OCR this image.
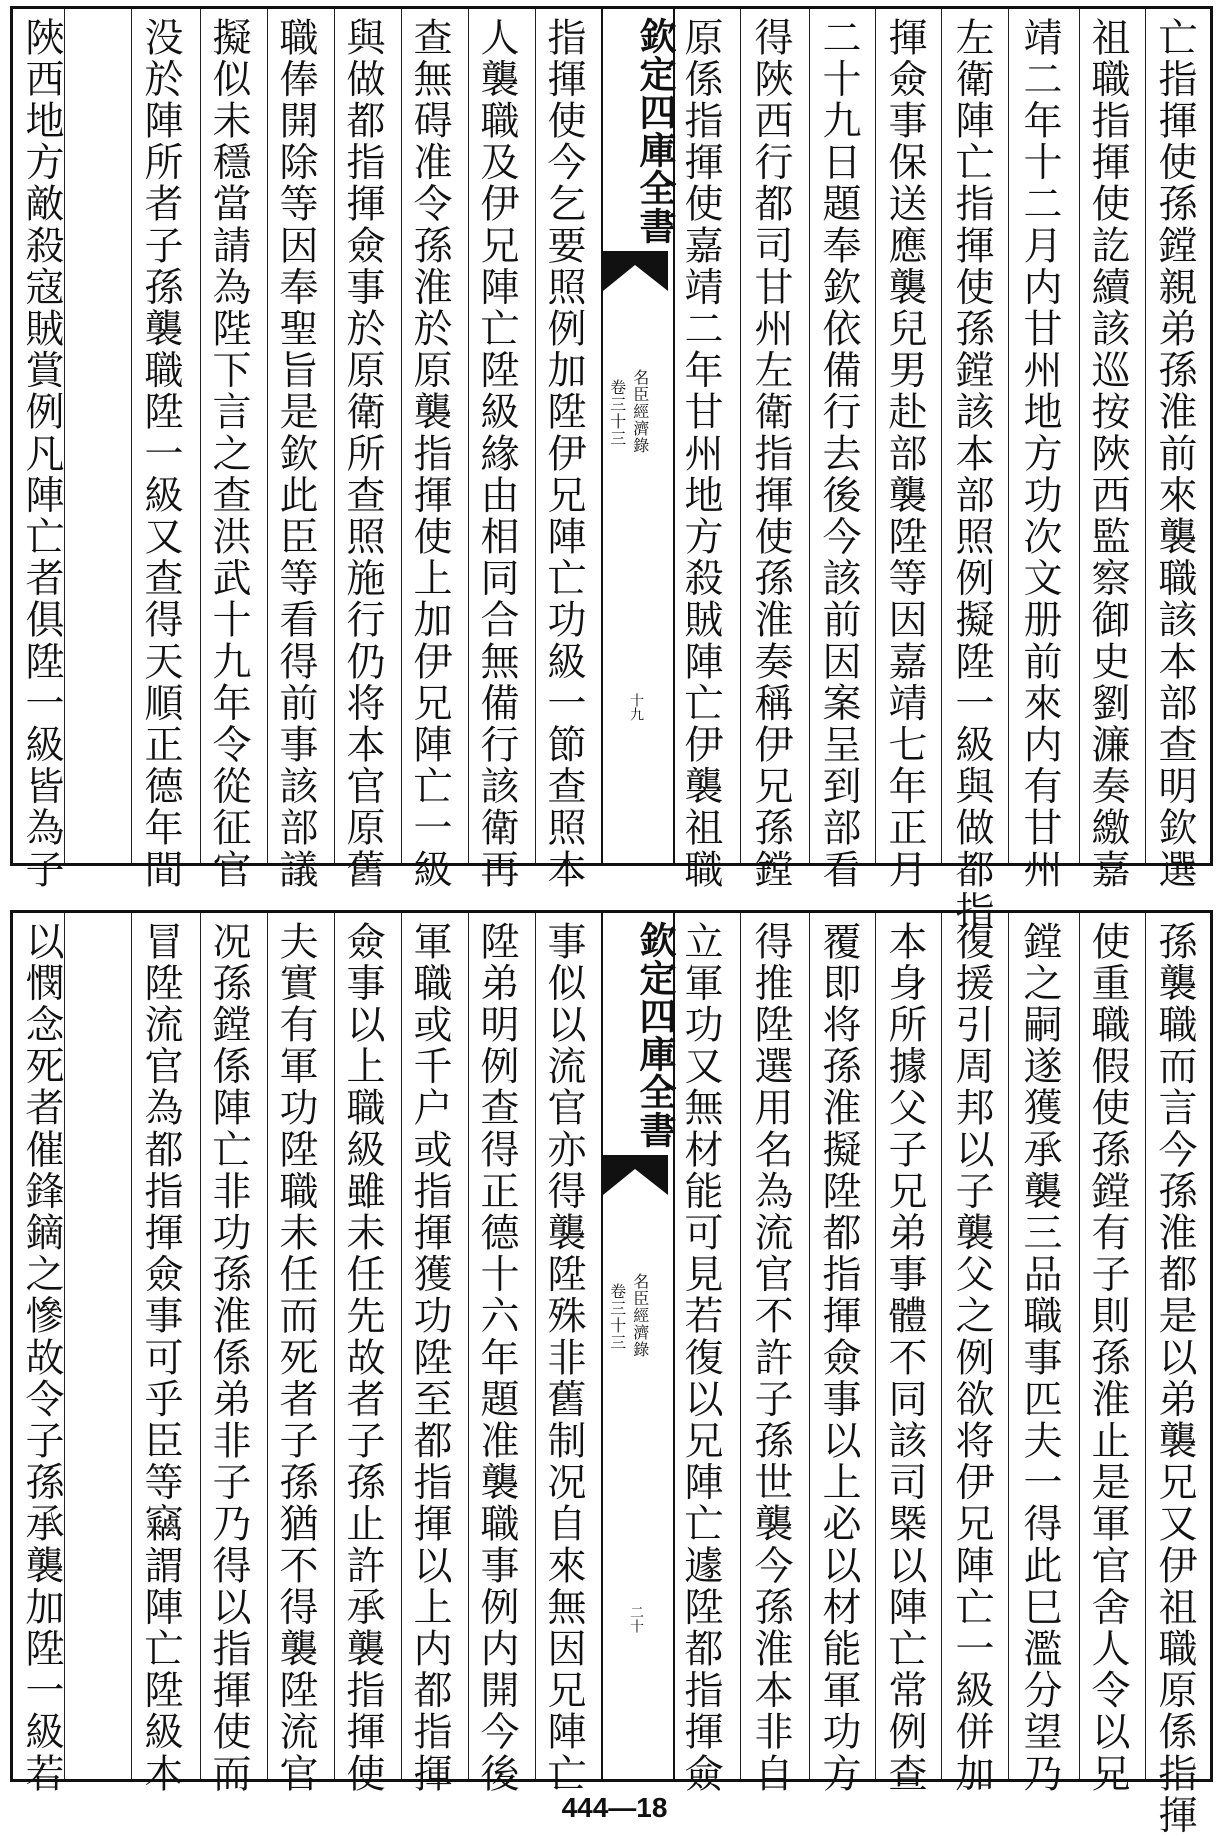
亡指揮使孫鏜親弟孫淮前來襲職該本部查明欽選
祖職指揮使訖續該巡按陜西監察御史劉濂奏繳嘉
靖二年十二月内甘州地方功次文册前來内有甘州
左衛陣亡指揮使孫鏜該本部照例擬陞一級與做都指
揮僉事保送應襲兒男赴部襲陞等因嘉靖七年正月
二十九日題奉欽依備行去後今該前因案呈到部看
得陜西行都司甘州左衛指揮使孫淮奏稱伊兄孫鏜
原係指揮使嘉靖二年甘州地方殺賊陣亡伊襲祖職
欽定四庫全書
名臣經濟錄
卷三十三
十九
指揮使今乞要照例加陞伊兄陣亡功級一節查照本
人襲職及伊兄陣亡陞級緣由相同合無備行該衛再
查無碍准令孫淮於原襲指揮使上加伊兄陣亡一級
與做都指揮僉事於原衛所查照施行仍将本官原舊
職俸開除等因奉聖旨是欽此臣等看得前事該部議
擬似未穩當請為陛下言之查洪武十九年令從征官
没於陣所者子孫襲職陞一級又查得天順正德年間
陜西地方敵殺寇賊賞例凡陣亡者俱陞一級皆為子
孫襲職而言今孫淮都是以弟襲兄又伊祖職原係指揮
使重職假使孫鏜有子則孫淮止是軍官舍人令以兄
鏜之嗣遂獲承襲三品職事匹夫一得此巳濫分望乃
復援引周邦以子襲父之例欲将伊兄陣亡一級併加
本身所據父子兄弟事體不同該司槩以陣亡常例查
覆即将孫淮擬陞都指揮僉事以上必以材能軍功方
得推陞選用名為流官不許子孫世襲今孫淮本非自
立軍功又無材能可見若復以兄陣亡遽陞都指揮僉
欽定四庫全書
名臣經濟錄
卷三十三
二十
事似以流官亦得襲陞殊非舊制况自來無因兄陣亡
陞弟明例查得正德十六年題准襲職事例内開今後
軍職或千户或指揮獲功陞至都指揮以上内都指揮
僉事以上職級雖未任先故者子孫止許承襲指揮使
夫實有軍功陞職未任而死者子孫猶不得襲陞流官
况孫鏜係陣亡非功孫淮係弟非子乃得以指揮使而
冒陞流官為都指揮僉事可乎臣等竊謂陣亡陞級本
以憫念死者催鋒鏑之慘故令子孫承襲加陞一級若
444—18
